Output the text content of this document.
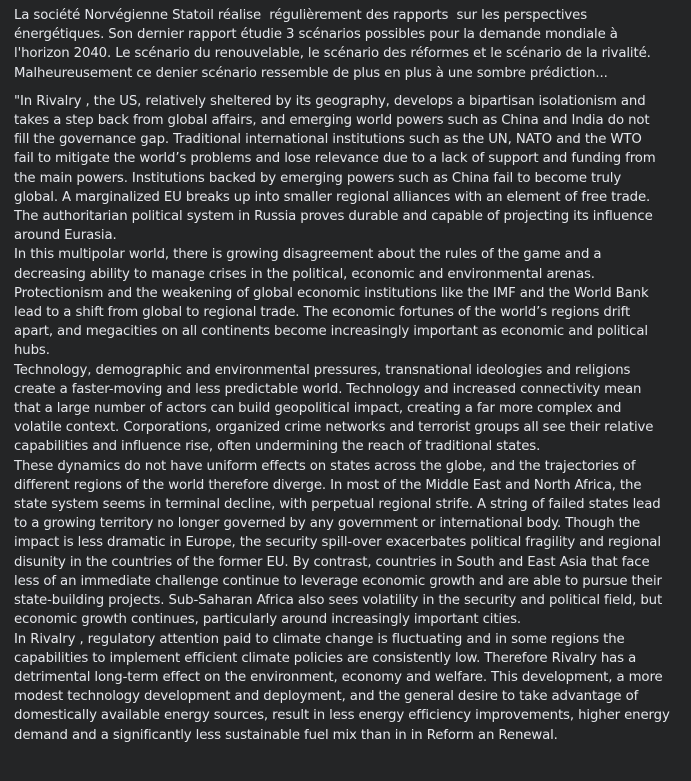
La société Norvégienne Statoil réalise  régulièrement des rapports  sur les perspectives
énergétiques. Son dernier rapport étudie 3 scénarios possibles pour la demande mondiale à
l'horizon 2040. Le scénario du renouvelable, le scénario des réformes et le scénario de la rivalité.
Malheureusement ce denier scénario ressemble de plus en plus à une sombre prédiction...

"In Rivalry , the US, relatively sheltered by its geography, develops a bipartisan isolationism and
takes a step back from global affairs, and emerging world powers such as China and India do not
fill the governance gap. Traditional international institutions such as the UN, NATO and the WTO
fail to mitigate the world’s problems and lose relevance due to a lack of support and funding from
the main powers. Institutions backed by emerging powers such as China fail to become truly
global. A marginalized EU breaks up into smaller regional alliances with an element of free trade.
The authoritarian political system in Russia proves durable and capable of projecting its influence
around Eurasia.

In this multipolar world, there is growing disagreement about the rules of the game and a
decreasing ability to manage crises in the political, economic and environmental arenas.
Protectionism and the weakening of global economic institutions like the IMF and the World Bank
lead to a shift from global to regional trade. The economic fortunes of the world’s regions drift
apart, and megacities on all continents become increasingly important as economic and political
hubs.

Technology, demographic and environmental pressures, transnational ideologies and religions
create a faster-moving and less predictable world. Technology and increased connectivity mean
that a large number of actors can build geopolitical impact, creating a far more complex and
volatile context. Corporations, organized crime networks and terrorist groups all see their relative
capabilities and influence rise, often undermining the reach of traditional states.

These dynamics do not have uniform effects on states across the globe, and the trajectories of
different regions of the world therefore diverge. In most of the Middle East and North Africa, the
state system seems in terminal decline, with perpetual regional strife. A string of failed states lead
to a growing territory no longer governed by any government or international body. Though the
impact is less dramatic in Europe, the security spill-over exacerbates political fragility and regional
disunity in the countries of the former EU. By contrast, countries in South and East Asia that face
less of an immediate challenge continue to leverage economic growth and are able to pursue their
state-building projects. Sub-Saharan Africa also sees volatility in the security and political field, but
economic growth continues, particularly around increasingly important cities.

In Rivalry , regulatory attention paid to climate change is fluctuating and in some regions the
capabilities to implement efficient climate policies are consistently low. Therefore Rivalry has a
detrimental long-term effect on the environment, economy and welfare. This development, a more
modest technology development and deployment, and the general desire to take advantage of
domestically available energy sources, result in less energy efficiency improvements, higher energy
demand and a significantly less sustainable fuel mix than in in Reform an Renewal.
